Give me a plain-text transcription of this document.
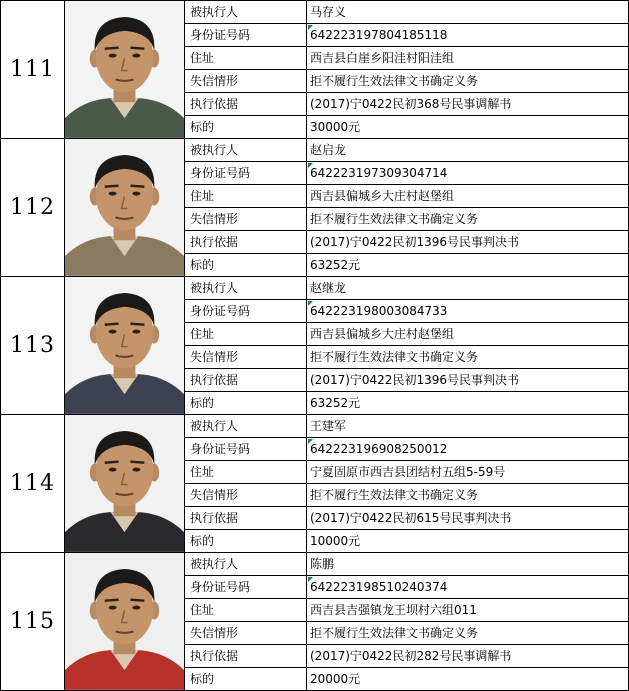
111
被执行人	马存义
身份证号码	642223197804185118
住址	西吉县白崖乡阳洼村阳洼组
失信情形	拒不履行生效法律文书确定义务
执行依据	(2017)宁0422民初368号民事调解书
标的	30000元
112
被执行人	赵启龙
身份证号码	642223197309304714
住址	西吉县偏城乡大庄村赵堡组
失信情形	拒不履行生效法律文书确定义务
执行依据	(2017)宁0422民初1396号民事判决书
标的	63252元
113
被执行人	赵继龙
身份证号码	642223198003084733
住址	西吉县偏城乡大庄村赵堡组
失信情形	拒不履行生效法律文书确定义务
执行依据	(2017)宁0422民初1396号民事判决书
标的	63252元
114
被执行人	王建军
身份证号码	642223196908250012
住址	宁夏固原市西吉县团结村五组5-59号
失信情形	拒不履行生效法律文书确定义务
执行依据	(2017)宁0422民初615号民事判决书
标的	10000元
115
被执行人	陈鹏
身份证号码	642223198510240374
住址	西吉县吉强镇龙王坝村六组011
失信情形	拒不履行生效法律文书确定义务
执行依据	(2017)宁0422民初282号民事调解书
标的	20000元
